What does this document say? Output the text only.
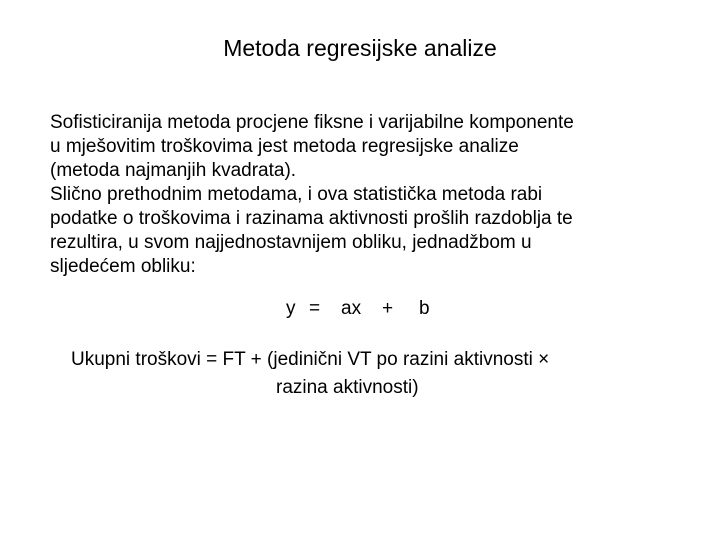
Metoda regresijske analize
Sofisticiranija metoda procjene fiksne i varijabilne komponente
u mješovitim troškovima jest metoda regresijske analize
(metoda najmanjih kvadrata).
Slično prethodnim metodama, i ova statistička metoda rabi
podatke o troškovima i razinama aktivnosti prošlih razdoblja te
rezultira, u svom najjednostavnijem obliku, jednadžbom u
sljedećem obliku:

y

=

ax

+

b

Ukupni troškovi = FT + (jedinični VT po razini aktivnosti ×
razina aktivnosti)
